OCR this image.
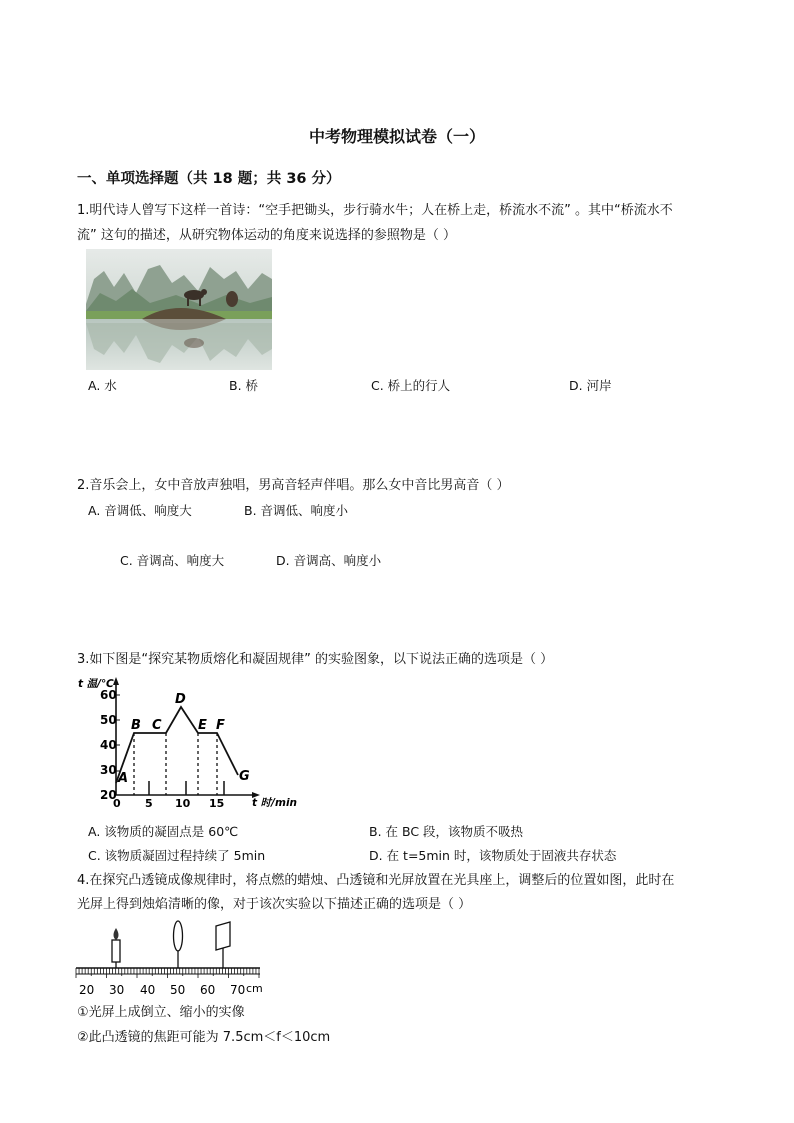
中考物理模拟试卷（一）
一、单项选择题（共 18 题；共 36 分）
1.明代诗人曾写下这样一首诗：“空手把锄头，步行骑水牛；人在桥上走，桥流水不流” 。其中“桥流水不
流” 这句的描述，从研究物体运动的角度来说选择的参照物是（ ）
A. 水	B. 桥	C. 桥上的行人	D. 河岸
2.音乐会上，女中音放声独唱，男高音轻声伴唱。那么女中音比男高音（ ）
A. 音调低、响度大	B. 音调低、响度小
C. 音调高、响度大	D. 音调高、响度小
3.如下图是“探究某物质熔化和凝固规律” 的实验图象，以下说法正确的选项是（ ）
t 温/℃
t 时/min
20
30
40
50
60
0 5 10 15
A
B C
D
E F
G
A. 该物质的凝固点是 60℃	B. 在 BC 段，该物质不吸热
C. 该物质凝固过程持续了 5min	D. 在 t=5min 时，该物质处于固液共存状态
4.在探究凸透镜成像规律时，将点燃的蜡烛、凸透镜和光屏放置在光具座上，调整后的位置如图，此时在
光屏上得到烛焰清晰的像，对于该次实验以下描述正确的选项是（ ）
20 30 40 50 60 70 cm
①光屏上成倒立、缩小的实像
②此凸透镜的焦距可能为 7.5cm＜f＜10cm
